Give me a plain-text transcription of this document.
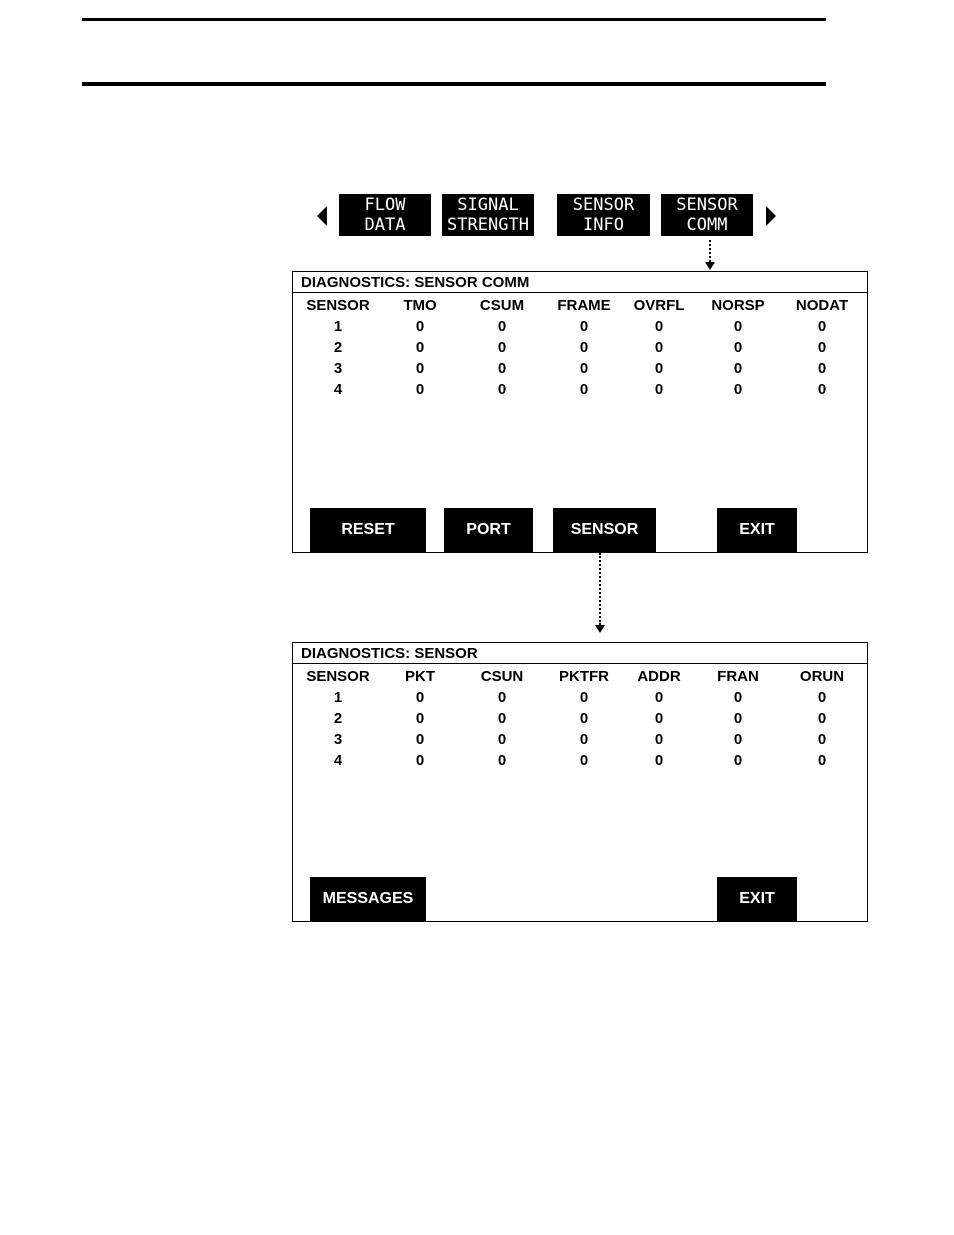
FLOW
DATA
SIGNAL
STRENGTH
SENSOR
INFO
SENSOR
COMM
DIAGNOSTICS: SENSOR COMM
SENSOR	TMO	CSUM	FRAME	OVRFL	NORSP	NODAT
1	0	0	0	0	0	0
2	0	0	0	0	0	0
3	0	0	0	0	0	0
4	0	0	0	0	0	0
RESET	PORT	SENSOR	EXIT
DIAGNOSTICS: SENSOR
SENSOR	PKT	CSUN	PKTFR	ADDR	FRAN	ORUN
1	0	0	0	0	0	0
2	0	0	0	0	0	0
3	0	0	0	0	0	0
4	0	0	0	0	0	0
MESSAGES	EXIT
